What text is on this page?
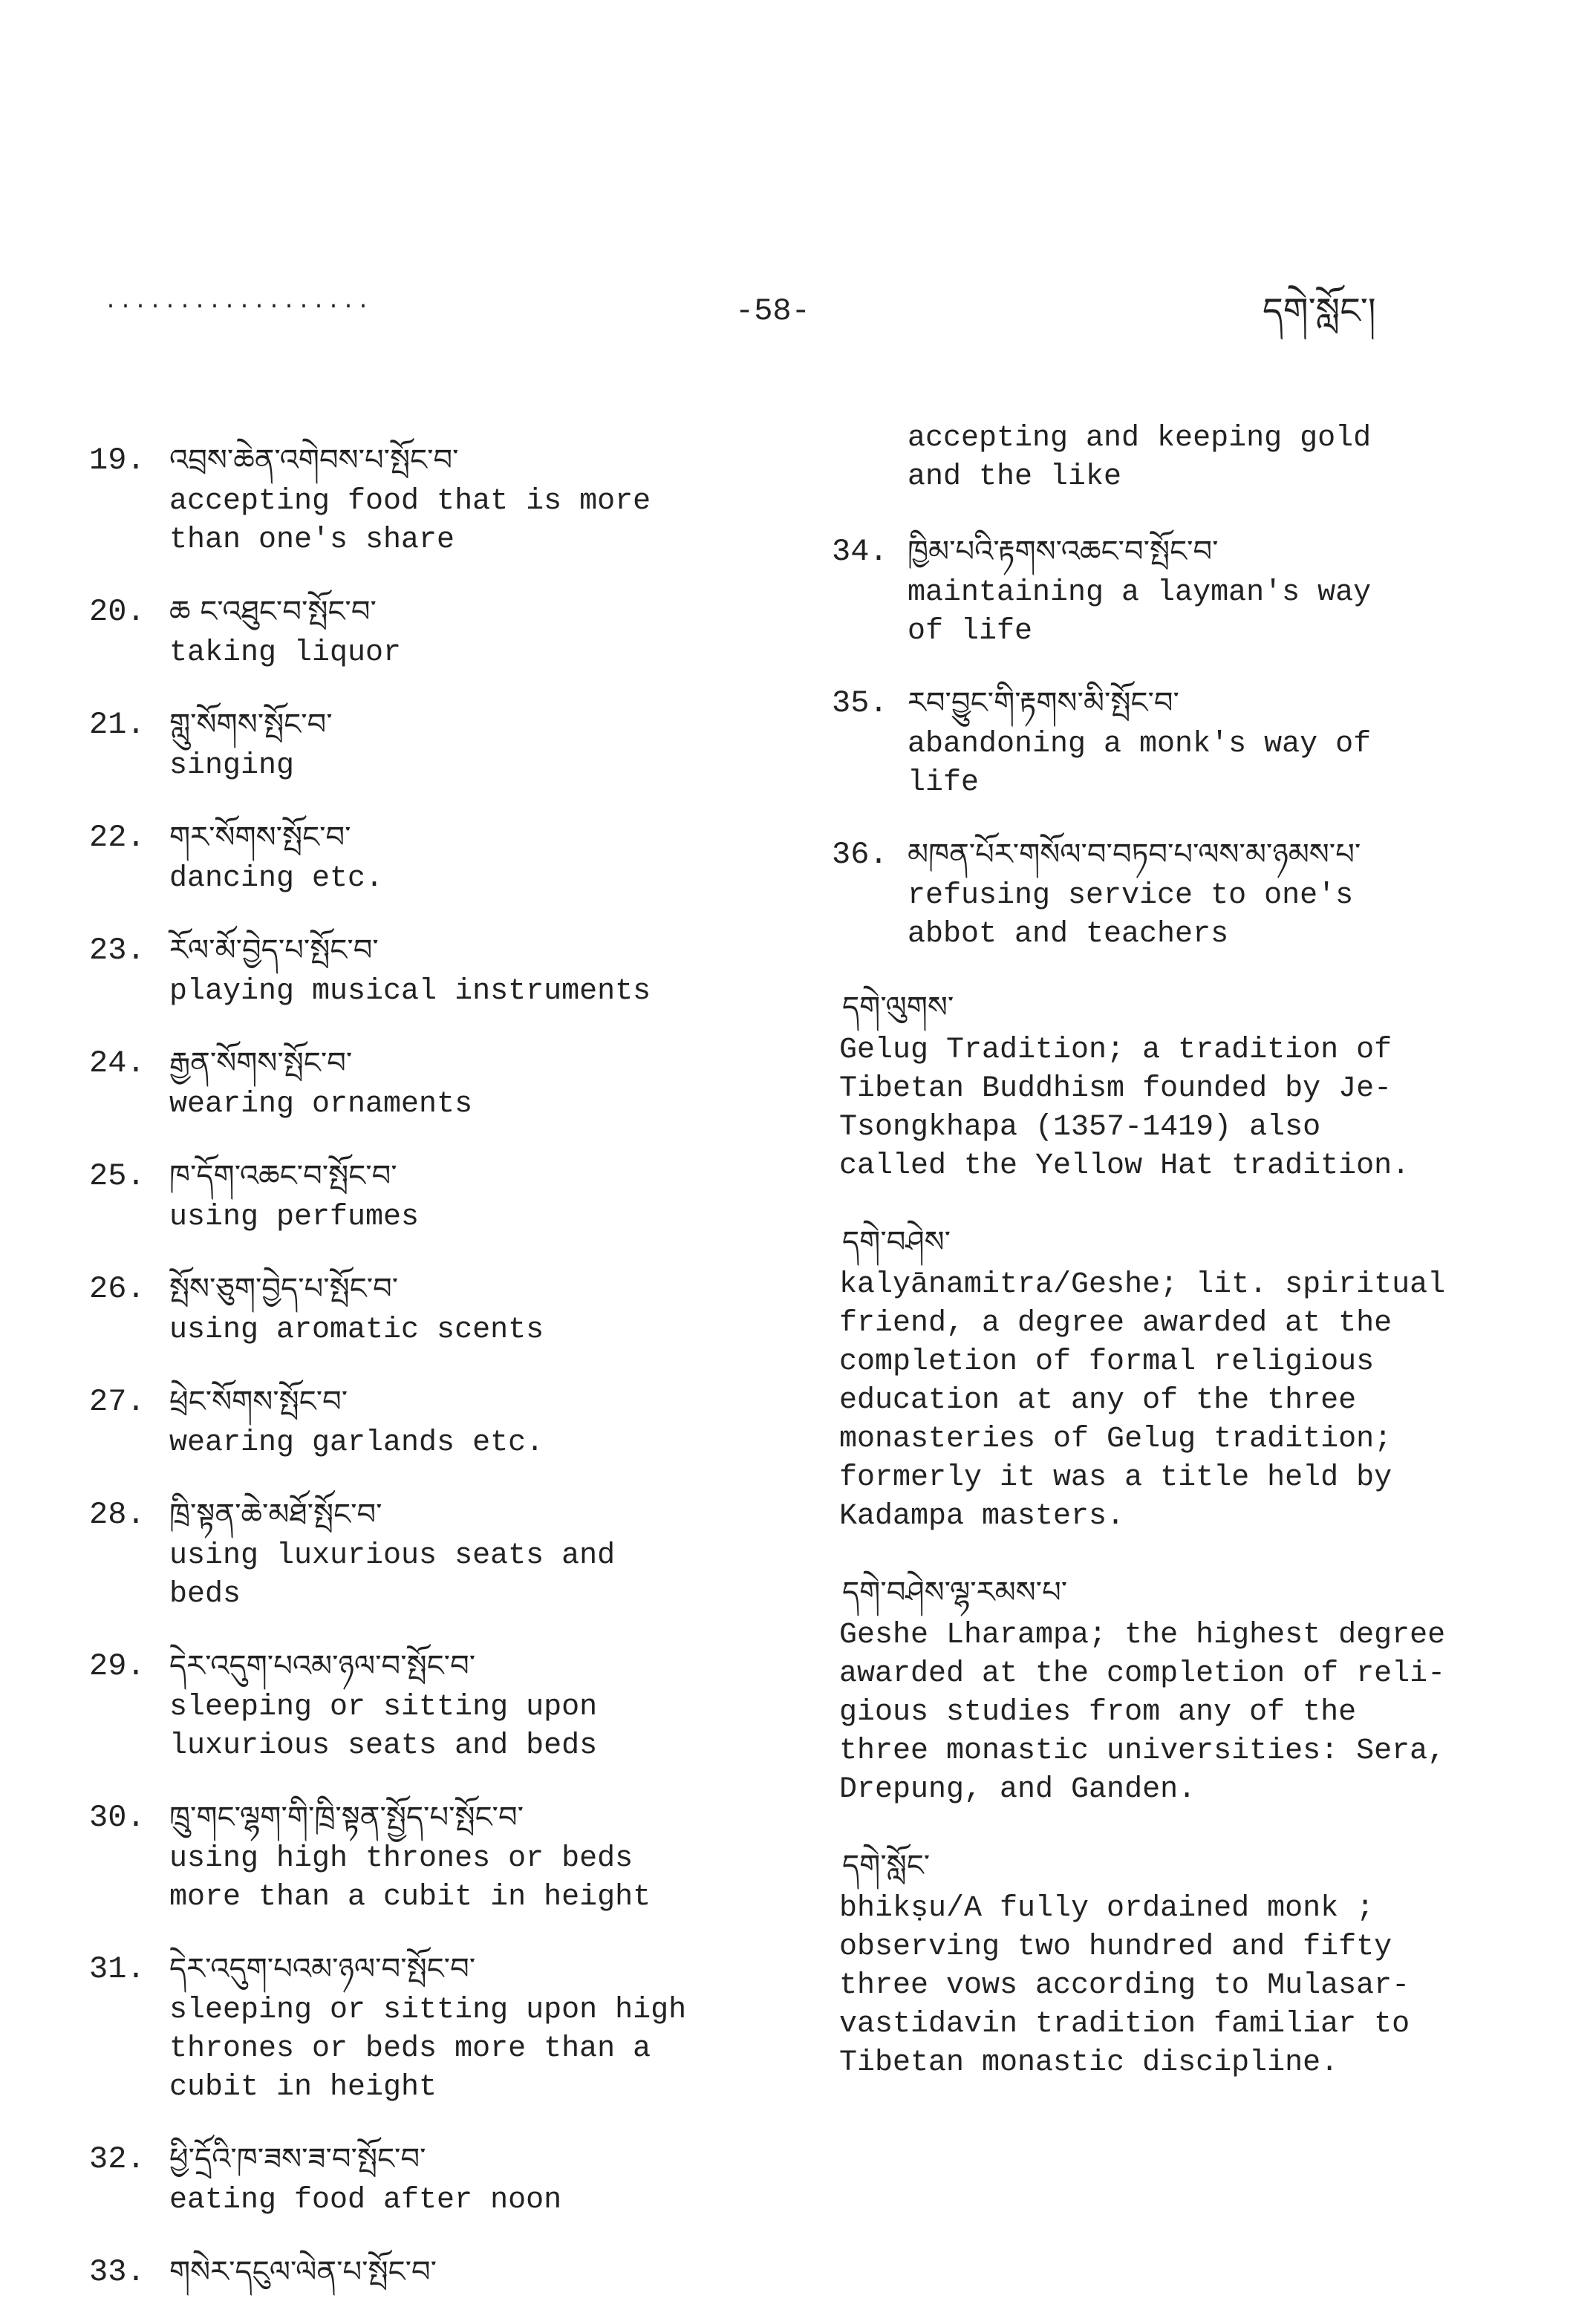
..................	-58-	དགེ་སློང་།
19. འབྲས་ཆེན་འགེབས་པ་སྤོང་བ་
accepting food that is more
than one's share
20. ཆ ང་འཐུང་བ་སྤོང་བ་
taking liquor
21. གླུ་སོགས་སྤོང་བ་
singing
22. གར་སོགས་སྤོང་བ་
dancing etc.
23. རོལ་མོ་བྱེད་པ་སྤོང་བ་
playing musical instruments
24. རྒྱན་སོགས་སྤོང་བ་
wearing ornaments
25. ཁ་དོག་འཆང་བ་སྤོང་བ་
using perfumes
26. སྤོས་ཅུག་བྱེད་པ་སྤོང་བ་
using aromatic scents
27. ཕྲེང་སོགས་སྤོང་བ་
wearing garlands etc.
28. ཁྲི་སྟན་ཆེ་མཐོ་སྤོང་བ་
using luxurious seats and
beds
29. དེར་འདུག་པའམ་ཉལ་བ་སྤོང་བ་
sleeping or sitting upon
luxurious seats and beds
30. ཁྲུ་གང་ལྷག་གི་ཁྲི་སྟན་སྤྱོད་པ་སྤོང་བ་
using high thrones or beds
more than a cubit in height
31. དེར་འདུག་པའམ་ཉལ་བ་སྤོང་བ་
sleeping or sitting upon high
thrones or beds more than a
cubit in height
32. ཕྱི་དྲོའི་ཁ་ཟས་ཟ་བ་སྤོང་བ་
eating food after noon
33. གསེར་དངུལ་ལེན་པ་སྤོང་བ་
accepting and keeping gold
and the like
34. ཁྱིམ་པའི་རྟགས་འཆང་བ་སྤོང་བ་
maintaining a layman's way
of life
35. རབ་བྱུང་གི་རྟགས་མི་སྤོང་བ་
abandoning a monk's way of
life
36. མཁན་པོར་གསོལ་བ་བཏབ་པ་ལས་མ་ཉམས་པ་
refusing service to one's
abbot and teachers
དགེ་ལུགས་
Gelug Tradition; a tradition of
Tibetan Buddhism founded by Je-
Tsongkhapa (1357-1419) also
called the Yellow Hat tradition.
དགེ་བཤེས་
kalyānamitra/Geshe; lit. spiritual
friend, a degree awarded at the
completion of formal religious
education at any of the three
monasteries of Gelug tradition;
formerly it was a title held by
Kadampa masters.
དགེ་བཤེས་ལྷ་རམས་པ་
Geshe Lharampa; the highest degree
awarded at the completion of reli-
gious studies from any of the
three monastic universities: Sera,
Drepung, and Ganden.
དགེ་སློང་
bhikṣu/A fully ordained monk ;
observing two hundred and fifty
three vows according to Mulasar-
vastidavin tradition familiar to
Tibetan monastic discipline.
